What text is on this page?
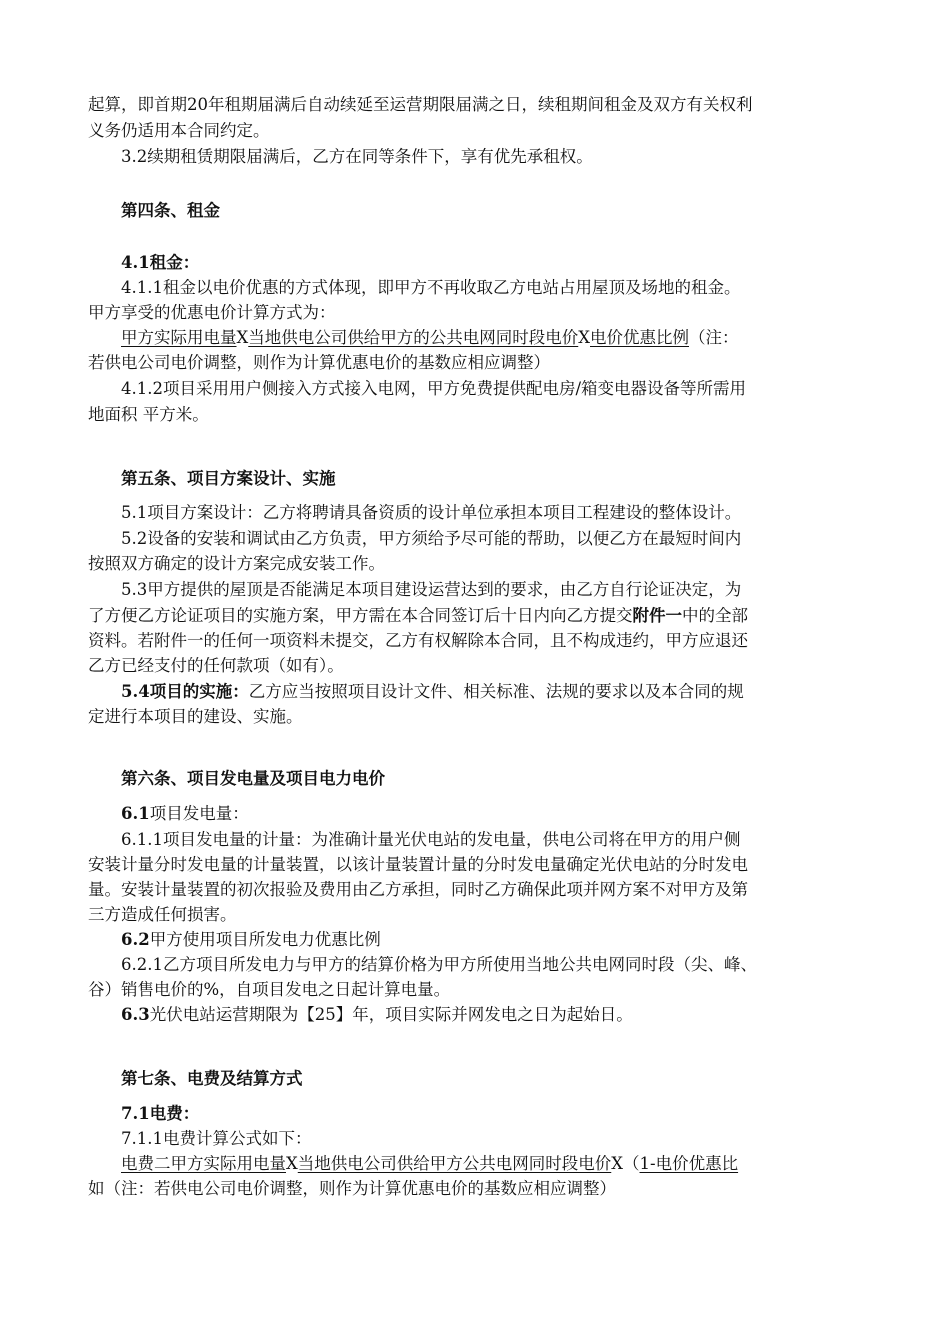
起算，即首期20年租期届满后自动续延至运营期限届满之日，续租期间租金及双方有关权利
义务仍适用本合同约定。
3.2续期租赁期限届满后，乙方在同等条件下，享有优先承租权。
第四条、租金
4.1租金：
4.1.1租金以电价优惠的方式体现，即甲方不再收取乙方电站占用屋顶及场地的租金。
甲方享受的优惠电价计算方式为：
甲方实际用电量X当地供电公司供给甲方的公共电网同时段电价X电价优惠比例（注：
若供电公司电价调整，则作为计算优惠电价的基数应相应调整）
4.1.2项目采用用户侧接入方式接入电网，甲方免费提供配电房/箱变电器设备等所需用
地面积 平方米。
第五条、项目方案设计、实施
5.1项目方案设计：乙方将聘请具备资质的设计单位承担本项目工程建设的整体设计。
5.2设备的安装和调试由乙方负责，甲方须给予尽可能的帮助，以便乙方在最短时间内
按照双方确定的设计方案完成安装工作。
5.3甲方提供的屋顶是否能满足本项目建设运营达到的要求，由乙方自行论证决定，为
了方便乙方论证项目的实施方案，甲方需在本合同签订后十日内向乙方提交附件一中的全部
资料。若附件一的任何一项资料未提交，乙方有权解除本合同，且不构成违约，甲方应退还
乙方已经支付的任何款项（如有）。
5.4项目的实施：乙方应当按照项目设计文件、相关标准、法规的要求以及本合同的规
定进行本项目的建设、实施。
第六条、项目发电量及项目电力电价
6.1项目发电量：
6.1.1项目发电量的计量：为准确计量光伏电站的发电量，供电公司将在甲方的用户侧
安装计量分时发电量的计量装置，以该计量装置计量的分时发电量确定光伏电站的分时发电
量。安装计量装置的初次报验及费用由乙方承担，同时乙方确保此项并网方案不对甲方及第
三方造成任何损害。
6.2甲方使用项目所发电力优惠比例
6.2.1乙方项目所发电力与甲方的结算价格为甲方所使用当地公共电网同时段（尖、峰、
谷）销售电价的%，自项目发电之日起计算电量。
6.3光伏电站运营期限为【25】年，项目实际并网发电之日为起始日。
第七条、电费及结算方式
7.1电费：
7.1.1电费计算公式如下：
电费二甲方实际用电量X当地供电公司供给甲方公共电网同时段电价X（1-电价优惠比
如（注：若供电公司电价调整，则作为计算优惠电价的基数应相应调整）
